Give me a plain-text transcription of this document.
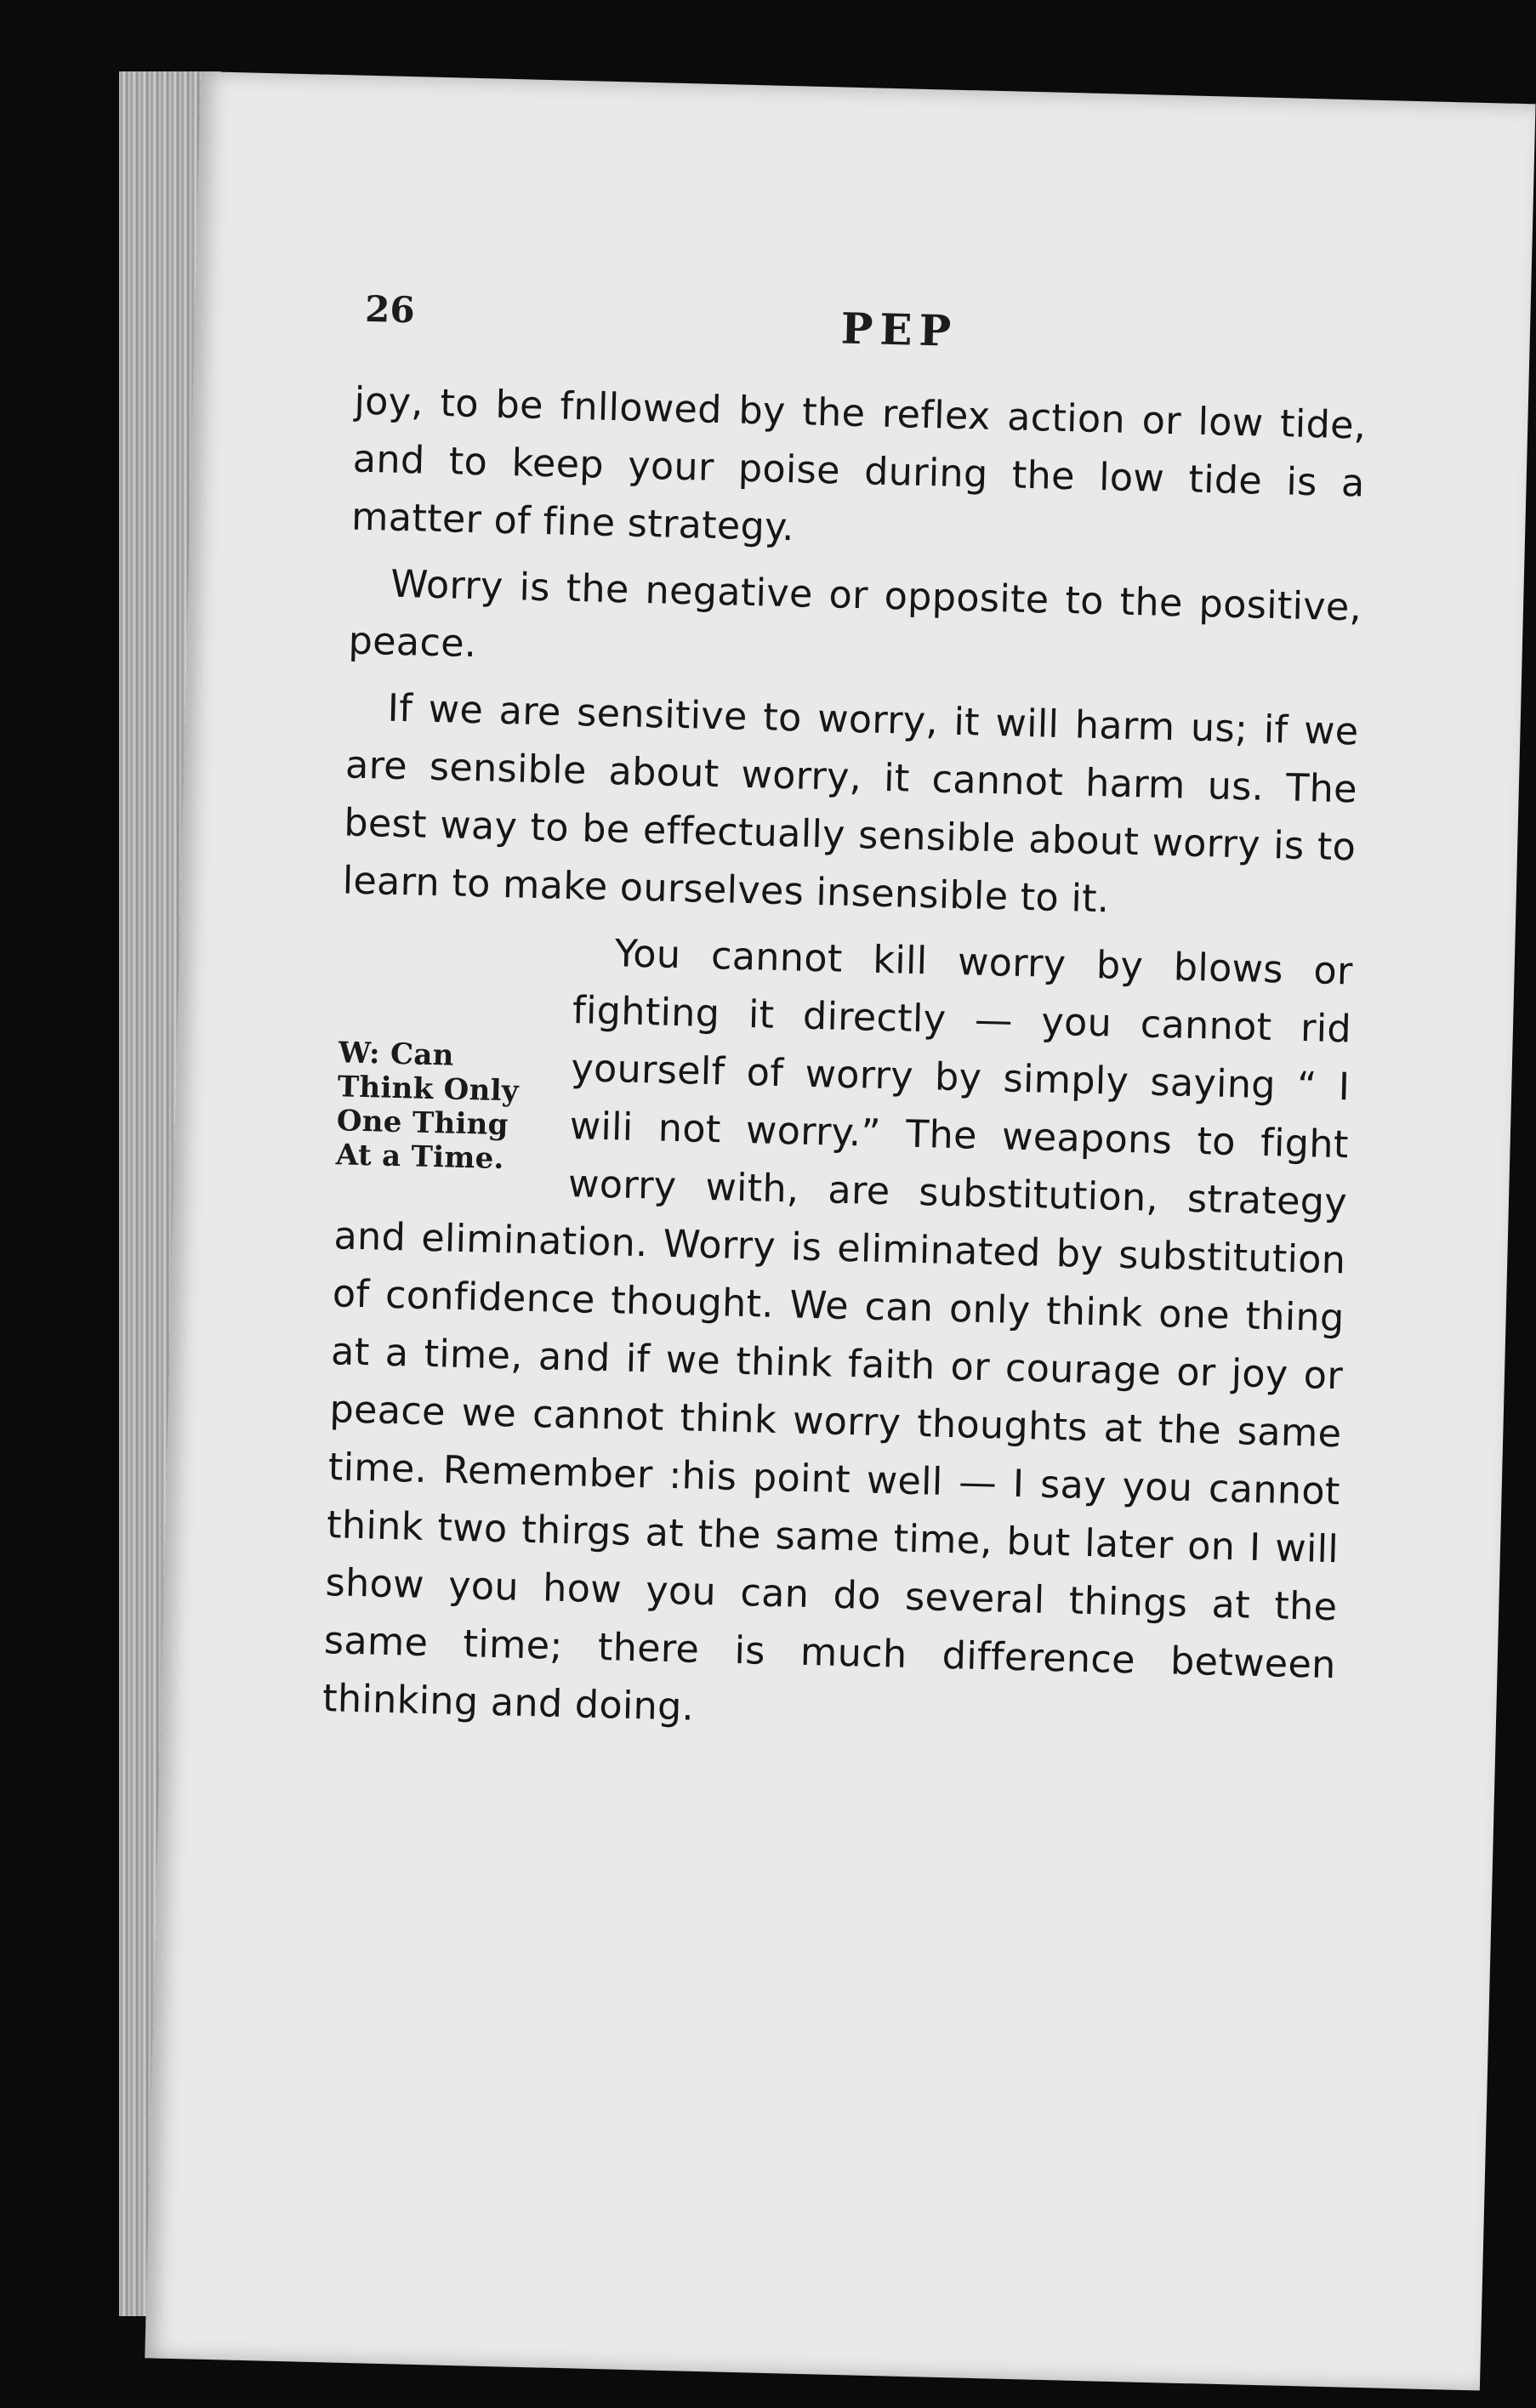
26	PEP

joy, to be fnllowed by the reflex action or low tide, and to keep your poise during the low tide is a matter of fine strategy.

Worry is the negative or opposite to the positive, peace.

If we are sensitive to worry, it will harm us; if we are sensible about worry, it cannot harm us. The best way to be effectually sensible about worry is to learn to make ourselves insensible to it.

W: Can
Think Only
One Thing
At a Time.

You cannot kill worry by blows or fighting it directly — you cannot rid yourself of worry by simply saying “ I wili not worry.” The weapons to fight worry with, are substitution, strategy and elimination. Worry is eliminated by substitution of confidence thought. We can only think one thing at a time, and if we think faith or courage or joy or peace we cannot think worry thoughts at the same time. Remember :his point well — I say you cannot think two thirgs at the same time, but later on I will show you how you can do several things at the same time; there is much difference between thinking and doing.
